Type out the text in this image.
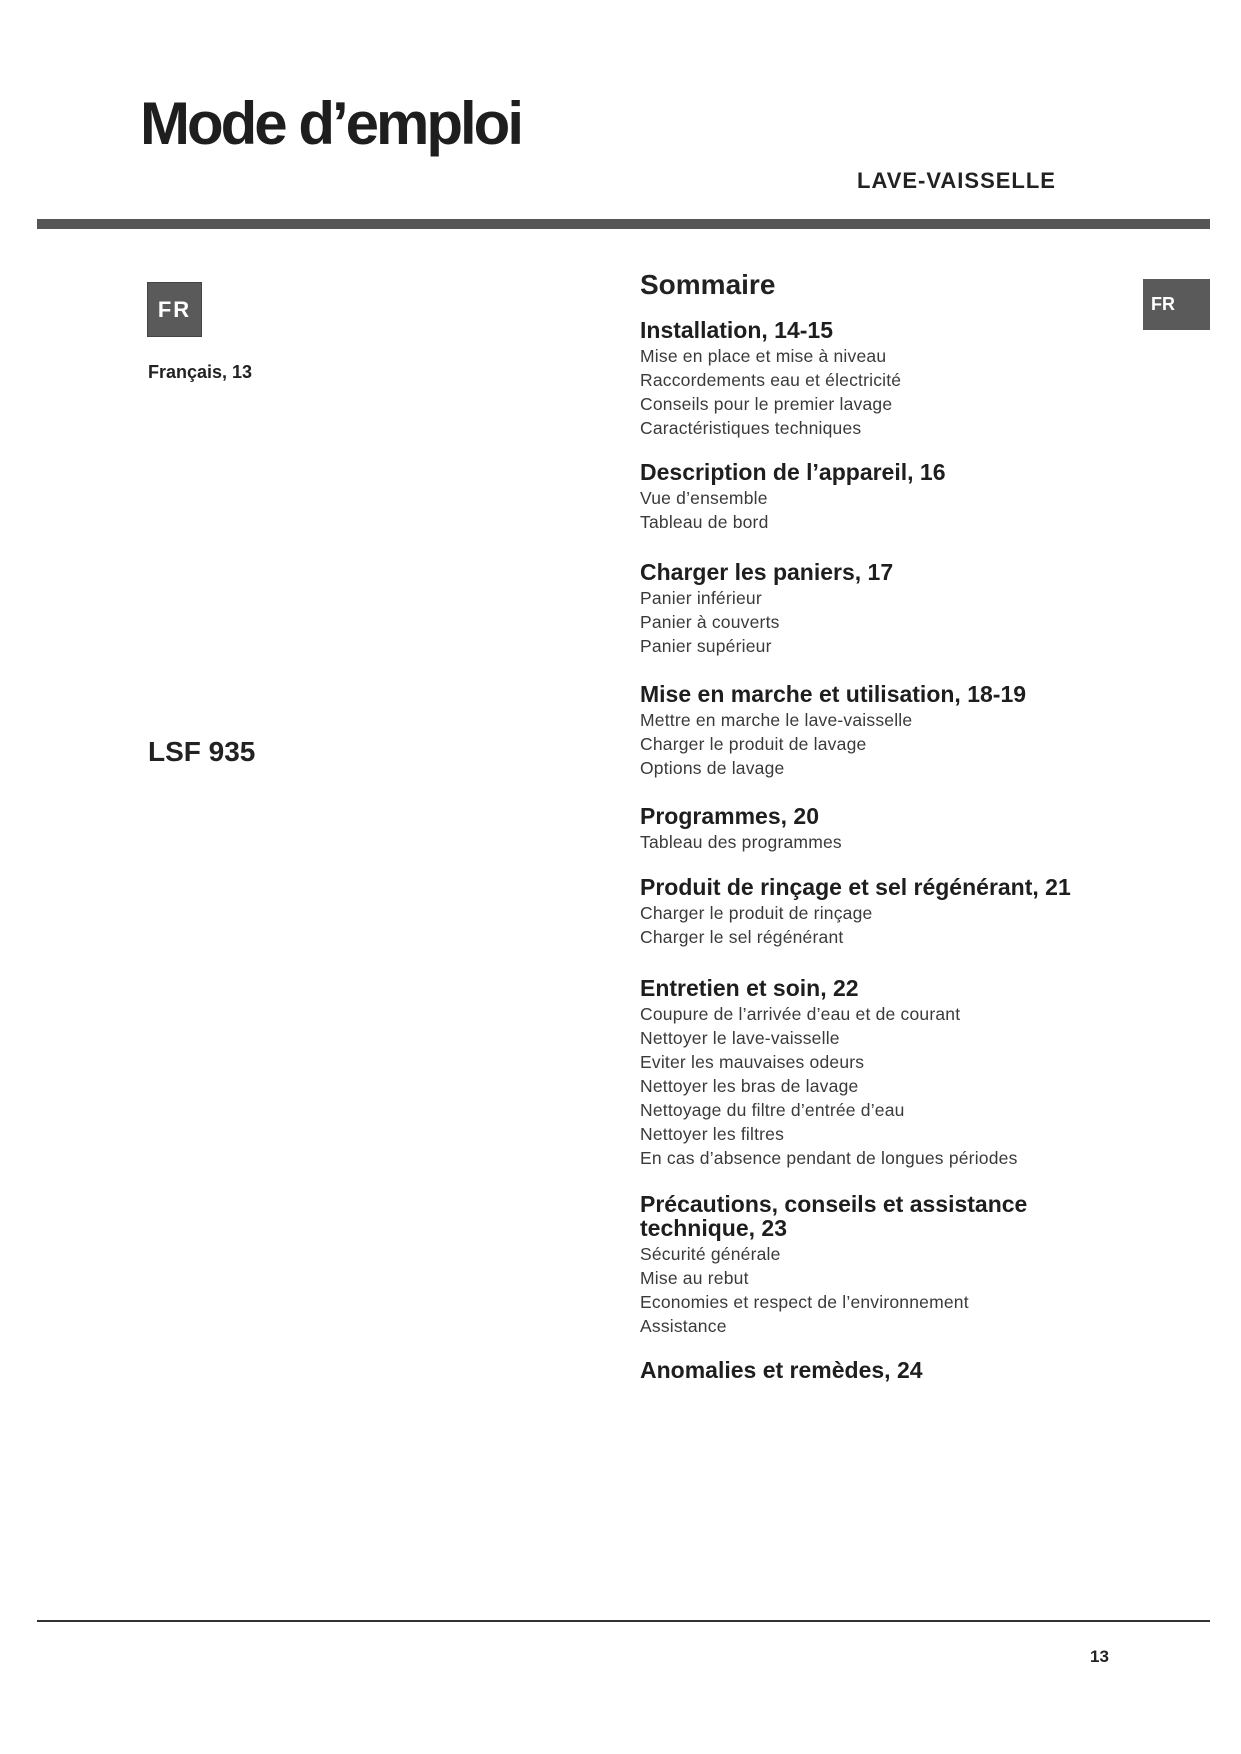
Mode d’emploi
LAVE-VAISSELLE
FR
Français, 13
LSF 935
FR
Sommaire
Installation, 14-15
Mise en place et mise à niveau
Raccordements eau et électricité
Conseils pour le premier lavage
Caractéristiques techniques
Description de l’appareil, 16
Vue d’ensemble
Tableau de bord
Charger les paniers, 17
Panier inférieur
Panier à couverts
Panier supérieur
Mise en marche et utilisation, 18-19
Mettre en marche le lave-vaisselle
Charger le produit de lavage
Options de lavage
Programmes, 20
Tableau des programmes
Produit de rinçage et sel régénérant, 21
Charger le produit de rinçage
Charger le sel régénérant
Entretien et soin, 22
Coupure de l’arrivée d’eau et de courant
Nettoyer le lave-vaisselle
Eviter les mauvaises odeurs
Nettoyer les bras de lavage
Nettoyage du filtre d’entrée d’eau
Nettoyer les filtres
En cas d’absence pendant de longues périodes
Précautions, conseils et assistance technique, 23
Sécurité générale
Mise au rebut
Economies et respect de l’environnement
Assistance
Anomalies et remèdes, 24
13
